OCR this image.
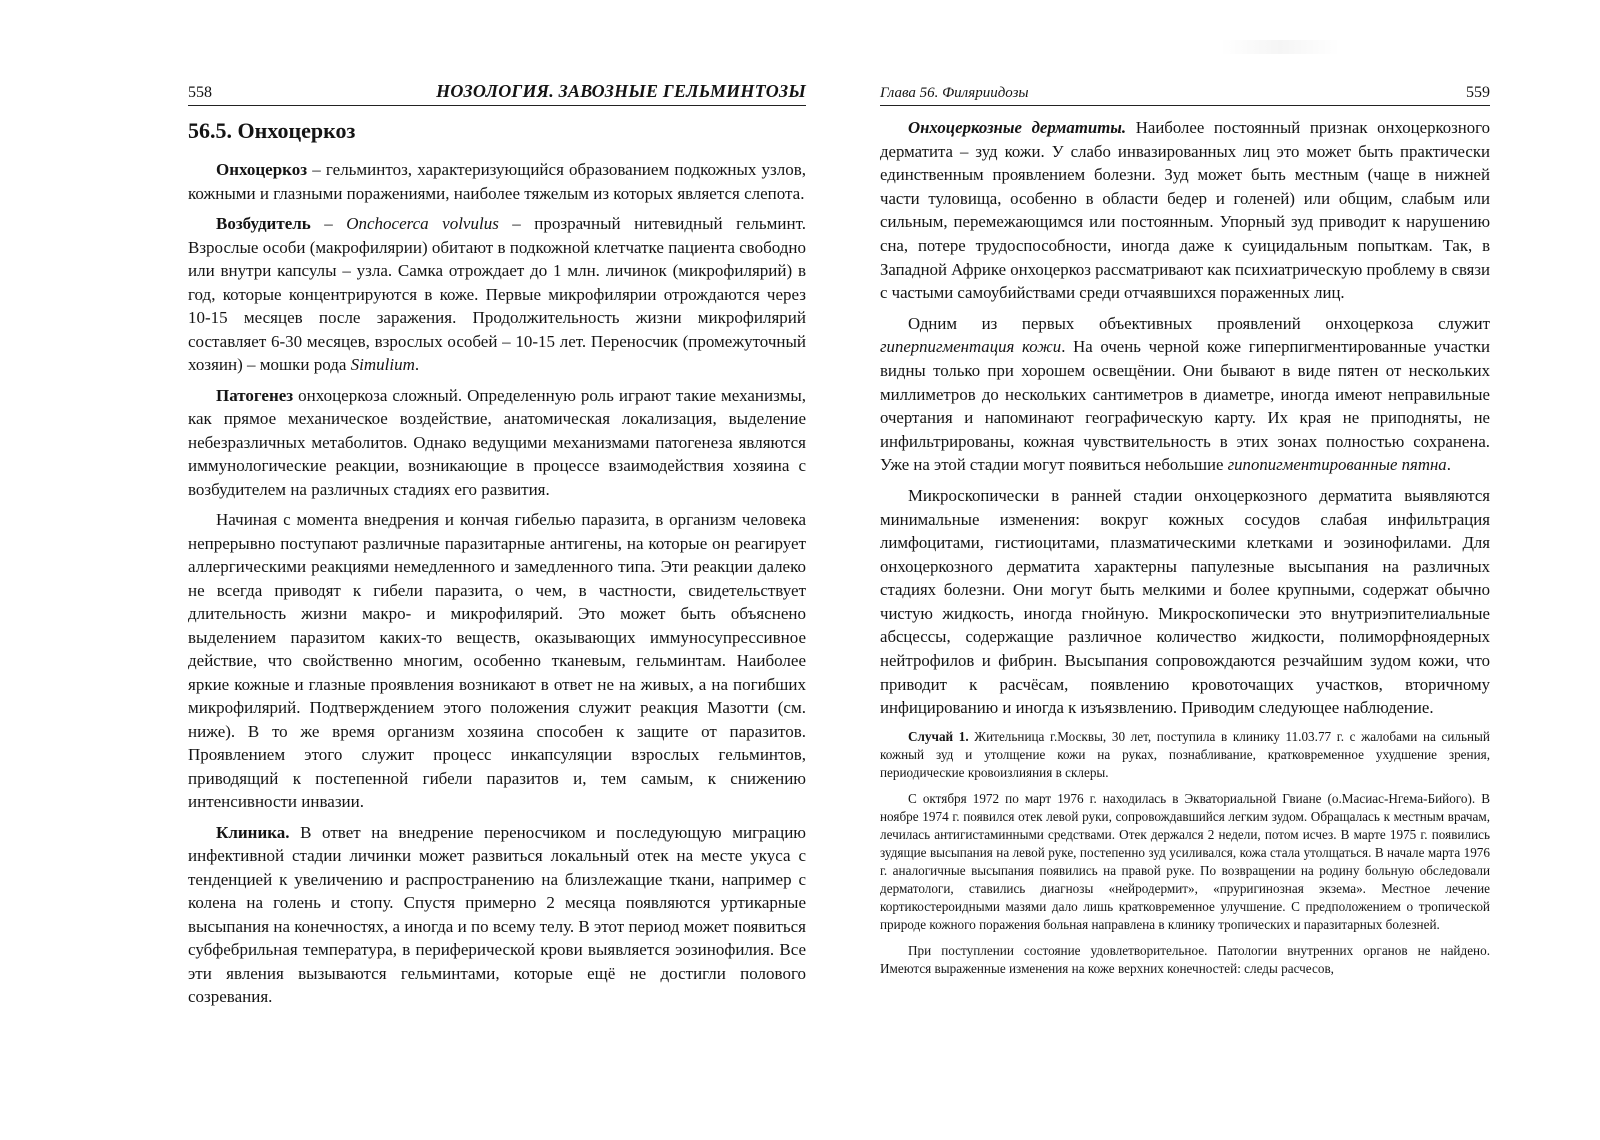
558	НОЗОЛОГИЯ. ЗАВОЗНЫЕ ГЕЛЬМИНТОЗЫ
56.5. Онхоцеркоз

Онхоцеркоз – гельминтоз, характеризующийся образованием подкожных узлов, кожными и глазными поражениями, наиболее тяжелым из которых является слепота.

Возбудитель – Onchocerca volvulus – прозрачный нитевидный гельминт. Взрослые особи (макрофилярии) обитают в подкожной клетчатке пациента свободно или внутри капсулы – узла. Самка отрождает до 1 млн. личинок (микрофилярий) в год, которые концентрируются в коже. Первые микрофилярии отрождаются через 10-15 месяцев после заражения. Продолжительность жизни микрофилярий составляет 6-30 месяцев, взрослых особей – 10-15 лет. Переносчик (промежуточный хозяин) – мошки рода Simulium.

Патогенез онхоцеркоза сложный. Определенную роль играют такие механизмы, как прямое механическое воздействие, анатомическая локализация, выделение небезразличных метаболитов. Однако ведущими механизмами патогенеза являются иммунологические реакции, возникающие в процессе взаимодействия хозяина с возбудителем на различных стадиях его развития.

Начиная с момента внедрения и кончая гибелью паразита, в организм человека непрерывно поступают различные паразитарные антигены, на которые он реагирует аллергическими реакциями немедленного и замедленного типа. Эти реакции далеко не всегда приводят к гибели паразита, о чем, в частности, свидетельствует длительность жизни макро- и микрофилярий. Это может быть объяснено выделением паразитом каких-то веществ, оказывающих иммуносупрессивное действие, что свойственно многим, особенно тканевым, гельминтам. Наиболее яркие кожные и глазные проявления возникают в ответ не на живых, а на погибших микрофилярий. Подтверждением этого положения служит реакция Мазотти (см. ниже). В то же время организм хозяина способен к защите от паразитов. Проявлением этого служит процесс инкапсуляции взрослых гельминтов, приводящий к постепенной гибели паразитов и, тем самым, к снижению интенсивности инвазии.

Клиника. В ответ на внедрение переносчиком и последующую миграцию инфективной стадии личинки может развиться локальный отек на месте укуса с тенденцией к увеличению и распространению на близлежащие ткани, например с колена на голень и стопу. Спустя примерно 2 месяца появляются уртикарные высыпания на конечностях, а иногда и по всему телу. В этот период может появиться субфебрильная температура, в периферической крови выявляется эозинофилия. Все эти явления вызываются гельминтами, которые ещё не достигли полового созревания.

Глава 56. Филяриидозы	559

Онхоцеркозные дерматиты. Наиболее постоянный признак онхоцеркозного дерматита – зуд кожи. У слабо инвазированных лиц это может быть практически единственным проявлением болезни. Зуд может быть местным (чаще в нижней части туловища, особенно в области бедер и голеней) или общим, слабым или сильным, перемежающимся или постоянным. Упорный зуд приводит к нарушению сна, потере трудоспособности, иногда даже к суицидальным попыткам. Так, в Западной Африке онхоцеркоз рассматривают как психиатрическую проблему в связи с частыми самоубийствами среди отчаявшихся пораженных лиц.

Одним из первых объективных проявлений онхоцеркоза служит гиперпигментация кожи. На очень черной коже гиперпигментированные участки видны только при хорошем освещёнии. Они бывают в виде пятен от нескольких миллиметров до нескольких сантиметров в диаметре, иногда имеют неправильные очертания и напоминают географическую карту. Их края не приподняты, не инфильтрированы, кожная чувствительность в этих зонах полностью сохранена. Уже на этой стадии могут появиться небольшие гипопигментированные пятна.

Микроскопически в ранней стадии онхоцеркозного дерматита выявляются минимальные изменения: вокруг кожных сосудов слабая инфильтрация лимфоцитами, гистиоцитами, плазматическими клетками и эозинофилами. Для онхоцеркозного дерматита характерны папулезные высыпания на различных стадиях болезни. Они могут быть мелкими и более крупными, содержат обычно чистую жидкость, иногда гнойную. Микроскопически это внутриэпителиальные абсцессы, содержащие различное количество жидкости, полиморфноядерных нейтрофилов и фибрин. Высыпания сопровождаются резчайшим зудом кожи, что приводит к расчёсам, появлению кровоточащих участков, вторичному инфицированию и иногда к изъязвлению. Приводим следующее наблюдение.

Случай 1. Жительница г.Москвы, 30 лет, поступила в клинику 11.03.77 г. с жалобами на сильный кожный зуд и утолщение кожи на руках, познабливание, кратковременное ухудшение зрения, периодические кровоизлияния в склеры.

С октября 1972 по март 1976 г. находилась в Экваториальной Гвиане (о.Масиас-Нгема-Бийого). В ноябре 1974 г. появился отек левой руки, сопровождавшийся легким зудом. Обращалась к местным врачам, лечилась антигистаминными средствами. Отек держался 2 недели, потом исчез. В марте 1975 г. появились зудящие высыпания на левой руке, постепенно зуд усиливался, кожа стала утолщаться. В начале марта 1976 г. аналогичные высыпания появились на правой руке. По возвращении на родину больную обследовали дерматологи, ставились диагнозы «нейродермит», «пруригинозная экзема». Местное лечение кортикостероидными мазями дало лишь кратковременное улучшение. С предположением о тропической природе кожного поражения больная направлена в клинику тропических и паразитарных болезней.

При поступлении состояние удовлетворительное. Патологии внутренних органов не найдено. Имеются выраженные изменения на коже верхних конечностей: следы расчесов,
